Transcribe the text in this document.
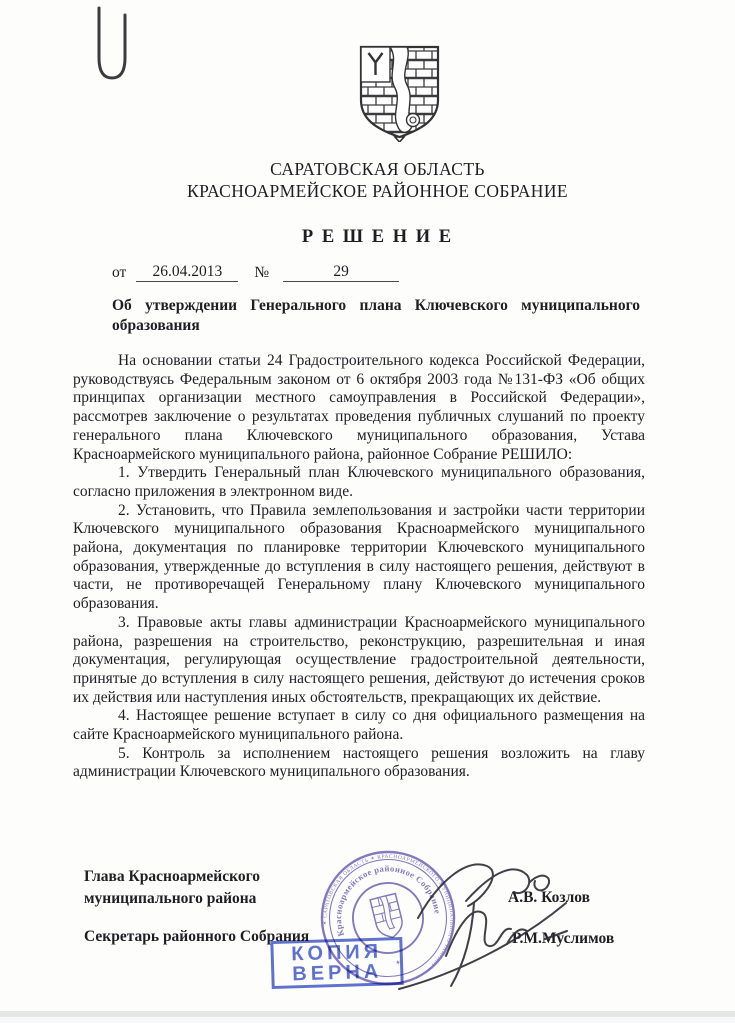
САРАТОВСКАЯ ОБЛАСТЬ
КРАСНОАРМЕЙСКОЕ РАЙОННОЕ СОБРАНИЕ
Р Е Ш Е Н И Е
от 26.04.2013 №	29
Об утверждении Генерального плана Ключевского муниципального образования

На основании статьи 24 Градостроительного кодекса Российской Федерации, руководствуясь Федеральным законом от 6 октября 2003 года №131-ФЗ «Об общих принципах организации местного самоуправления в Российской Федерации», рассмотрев заключение о результатах проведения публичных слушаний по проекту генерального плана Ключевского муниципального образования, Устава Красноармейского муниципального района, районное Собрание РЕШИЛО:

1. Утвердить Генеральный план Ключевского муниципального образования, согласно приложения в электронном виде.

2. Установить, что Правила землепользования и застройки части территории Ключевского муниципального образования Красноармейского муниципального района, документация по планировке территории Ключевского муниципального образования, утвержденные до вступления в силу настоящего решения, действуют в части, не противоречащей Генеральному плану Ключевского муниципального образования.

3. Правовые акты главы администрации Красноармейского муниципального района, разрешения на строительство, реконструкцию, разрешительная и иная документация, регулирующая осуществление градостроительной деятельности, принятые до вступления в силу настоящего решения, действуют до истечения сроков их действия или наступления иных обстоятельств, прекращающих их действие.

4. Настоящее решение вступает в силу со дня официального размещения на сайте Красноармейского муниципального района.

5. Контроль за исполнением настоящего решения возложить на главу администрации Ключевского муниципального образования.

Глава Красноармейского муниципального района	А.В. Козлов
Секретарь районного Собрания	Р.М.Муслимов
Красноармейское районное Собрание
✶ САРАТОВСКАЯ ОБЛАСТЬ ✶ КРАСНОАРМЕЙСКОГО МУНИЦИПАЛЬНОГО РАЙОНА
✶
КОПИЯ
ВЕРНА
